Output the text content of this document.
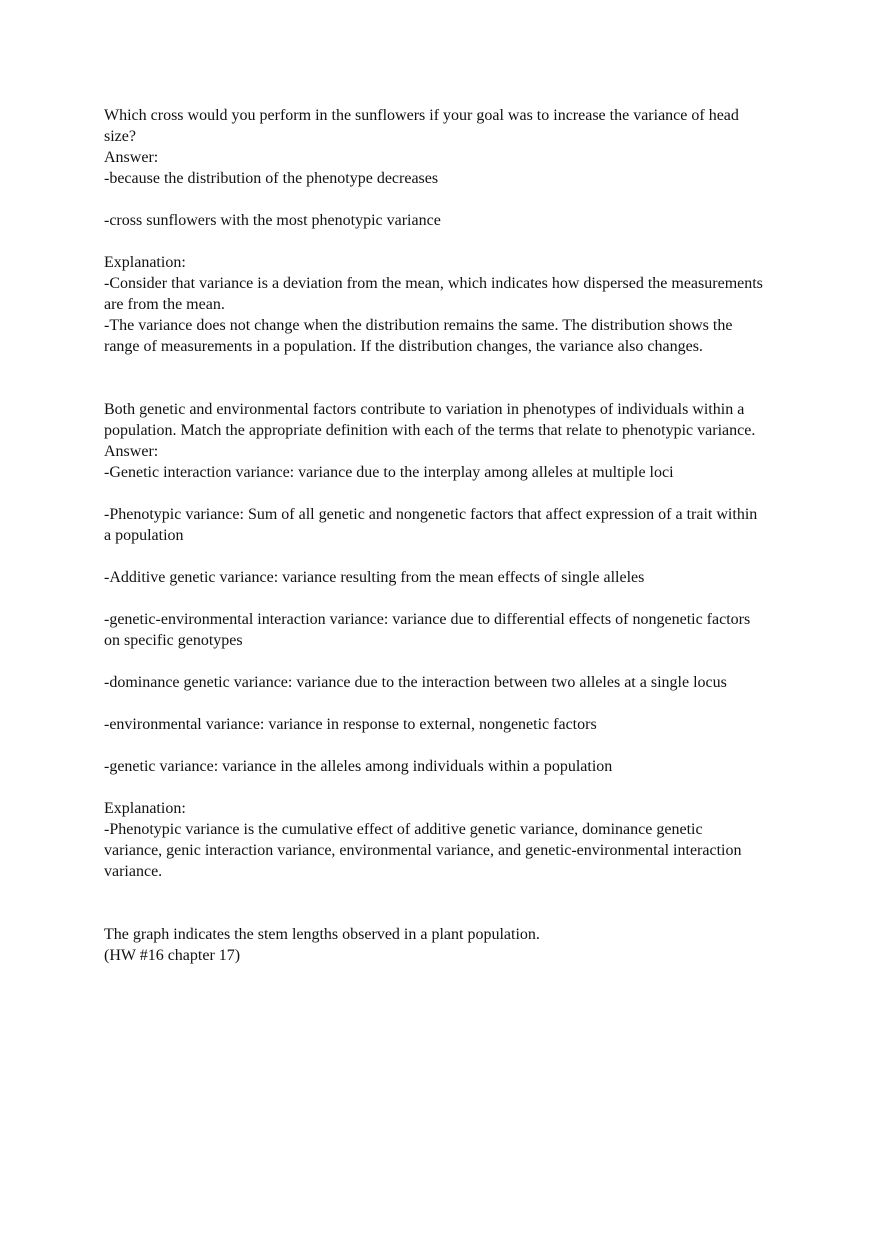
Which cross would you perform in the sunflowers if your goal was to increase the variance of head size?
Answer:
-because the distribution of the phenotype decreases
-cross sunflowers with the most phenotypic variance
Explanation:
-Consider that variance is a deviation from the mean, which indicates how dispersed the measurements are from the mean.
-The variance does not change when the distribution remains the same. The distribution shows the range of measurements in a population. If the distribution changes, the variance also changes.
Both genetic and environmental factors contribute to variation in phenotypes of individuals within a population. Match the appropriate definition with each of the terms that relate to phenotypic variance.
Answer:
-Genetic interaction variance: variance due to the interplay among alleles at multiple loci
-Phenotypic variance: Sum of all genetic and nongenetic factors that affect expression of a trait within a population
-Additive genetic variance: variance resulting from the mean effects of single alleles
-genetic-environmental interaction variance: variance due to differential effects of nongenetic factors on specific genotypes
-dominance genetic variance: variance due to the interaction between two alleles at a single locus
-environmental variance: variance in response to external, nongenetic factors
-genetic variance: variance in the alleles among individuals within a population
Explanation:
-Phenotypic variance is the cumulative effect of additive genetic variance, dominance genetic variance, genic interaction variance, environmental variance, and genetic-environmental interaction variance.
The graph indicates the stem lengths observed in a plant population.
(HW #16 chapter 17)
